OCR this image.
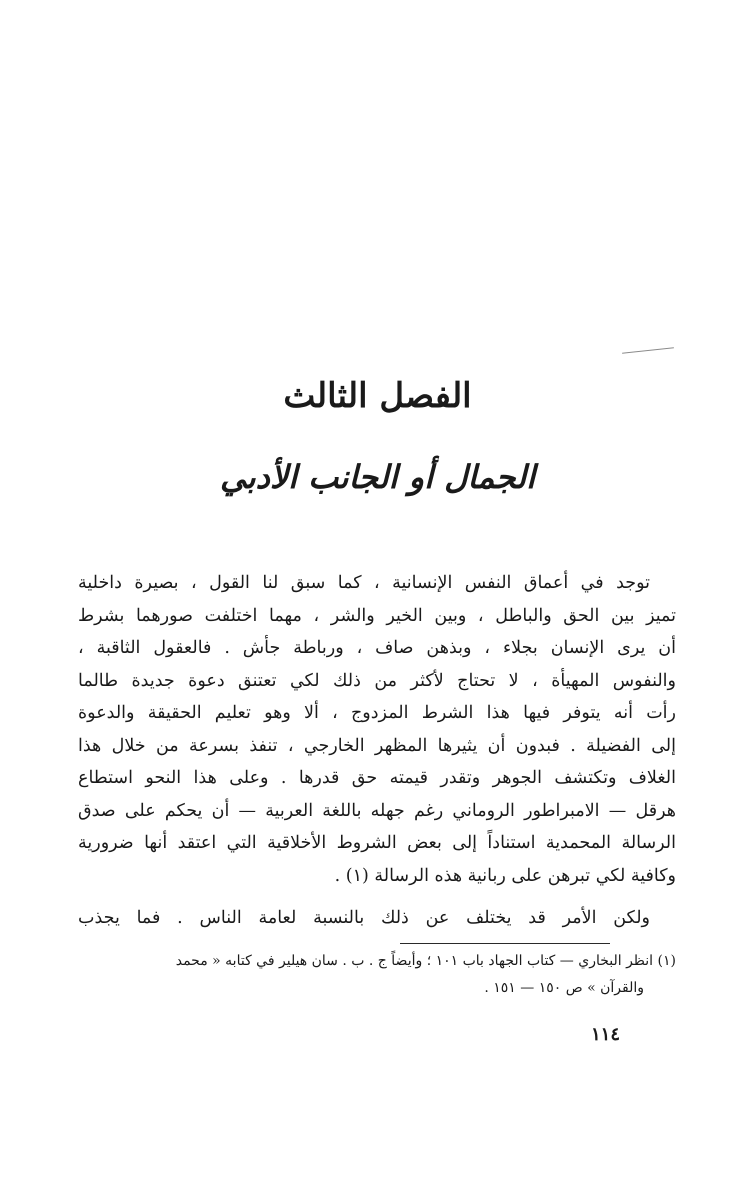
الفصل الثالث
الجمال أو الجانب الأدبي
توجد في أعماق النفس الإنسانية ، كما سبق لنا القول ، بصيرة داخلية
تميز بين الحق والباطل ، وبين الخير والشر ، مهما اختلفت صورهما بشرط
أن يرى الإنسان بجلاء ، وبذهن صاف ، ورباطة جأش . فالعقول الثاقبة ،
والنفوس المهيأة ، لا تحتاج لأكثر من ذلك لكي تعتنق دعوة جديدة طالما
رأت أنه يتوفر فيها هذا الشرط المزدوج ، ألا وهو تعليم الحقيقة والدعوة
إلى الفضيلة . فبدون أن يثيرها المظهر الخارجي ، تنفذ بسرعة من خلال هذا
الغلاف وتكتشف الجوهر وتقدر قيمته حق قدرها . وعلى هذا النحو استطاع
هرقل — الامبراطور الروماني رغم جهله باللغة العربية — أن يحكم على صدق
الرسالة المحمدية استناداً إلى بعض الشروط الأخلاقية التي اعتقد أنها ضرورية
وكافية لكي تبرهن على ربانية هذه الرسالة (١) .
ولكن الأمر قد يختلف عن ذلك بالنسبة لعامة الناس . فما يجذب
(١) انظر البخاري — كتاب الجهاد باب ١٠١ ؛ وأيضاً ج . ب . سان هيلير في كتابه « محمد
والقرآن » ص ١٥٠ — ١٥١ .
١١٤
